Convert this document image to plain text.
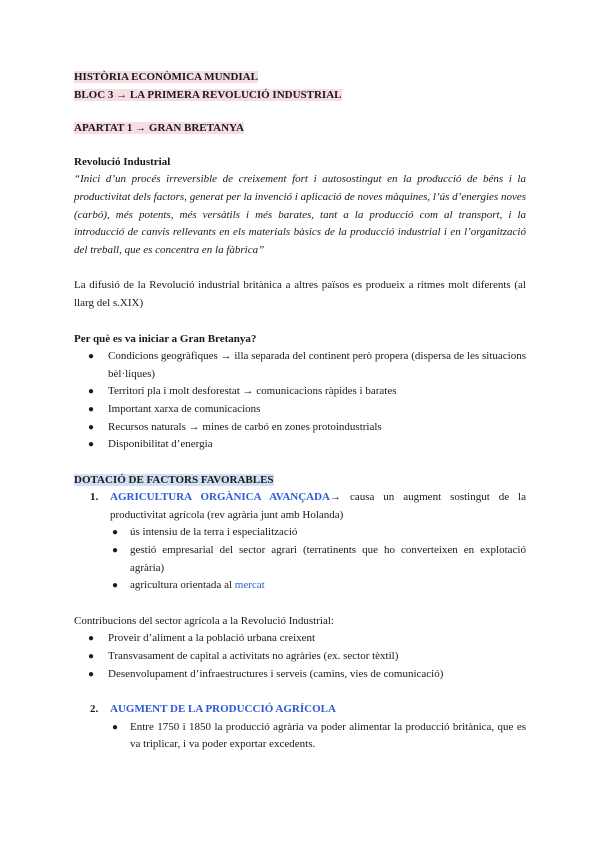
HISTÒRIA ECONÒMICA MUNDIAL
BLOC 3 → LA PRIMERA REVOLUCIÓ INDUSTRIAL
APARTAT 1 → GRAN BRETANYA
Revolució Industrial
“Inici d’un procés irreversible de creixement fort i autosostingut en la producció de béns i la productivitat dels factors, generat per la invenció i aplicació de noves màquines, l’ús d’energies noves (carbó), més potents, més versàtils i més barates, tant a la producció com al transport, i la introducció de canvis rellevants en els materials bàsics de la producció industrial i en l’organització del treball, que es concentra en la fàbrica”
La difusió de la Revolució industrial britànica a altres països es produeix a ritmes molt diferents (al llarg del s.XIX)
Per què es va iniciar a Gran Bretanya?
● Condicions geogràfiques → illa separada del continent però propera (dispersa de les situacions bèl·liques)
● Territori pla i molt desforestat → comunicacions ràpides i barates
● Important xarxa de comunicacions
● Recursos naturals → mines de carbó en zones protoindustrials
● Disponibilitat d’energia
DOTACIÓ DE FACTORS FAVORABLES
1. AGRICULTURA ORGÀNICA AVANÇADA→ causa un augment sostingut de la productivitat agrícola (rev agrària junt amb Holanda)
● ús intensiu de la terra i especialització
● gestió empresarial del sector agrari (terratinents que ho converteixen en explotació agrària)
● agricultura orientada al mercat
Contribucions del sector agrícola a la Revolució Industrial:
● Proveir d’aliment a la població urbana creixent
● Transvasament de capital a activitats no agràries (ex. sector tèxtil)
● Desenvolupament d’infraestructures i serveis (camins, vies de comunicació)
2. AUGMENT DE LA PRODUCCIÓ AGRÍCOLA
● Entre 1750 i 1850 la producció agrària va poder alimentar la producció britànica, que es va triplicar, i va poder exportar excedents.
